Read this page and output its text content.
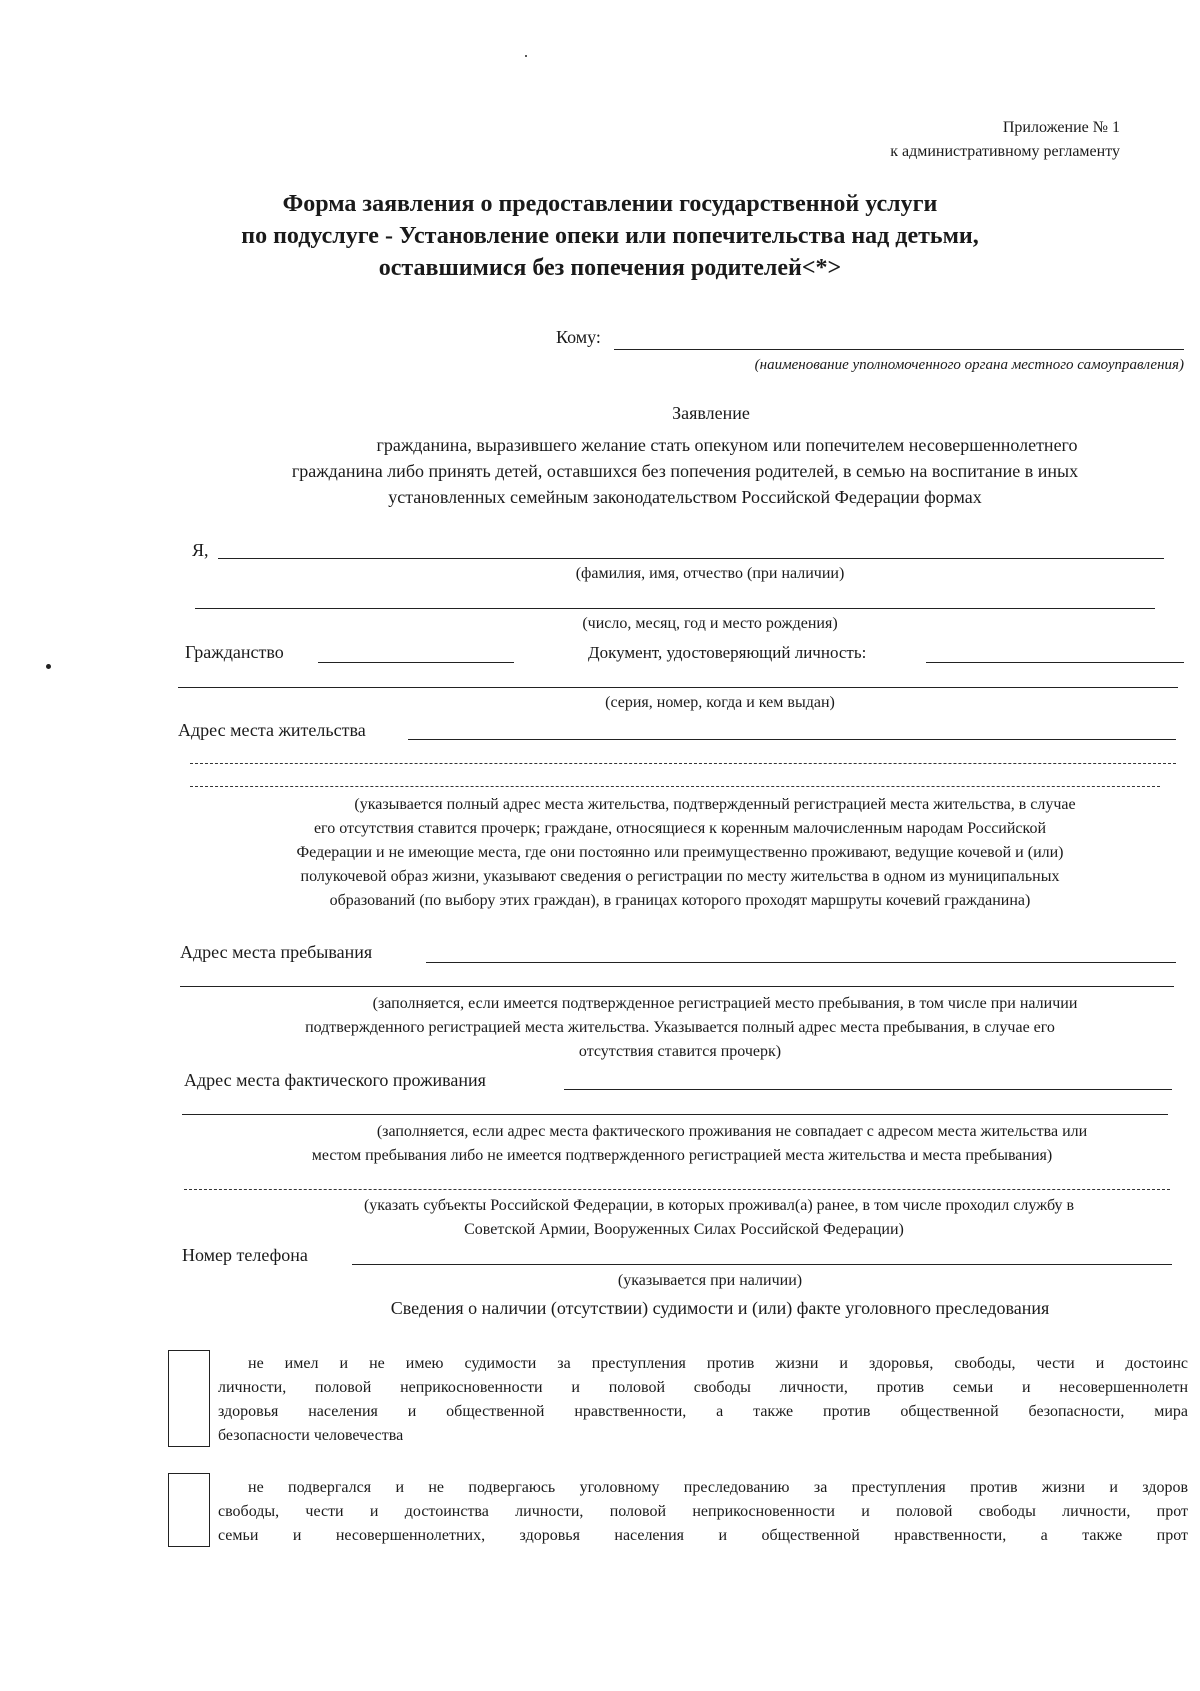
Приложение № 1
к административному регламенту
Форма заявления о предоставлении государственной услуги
по подуслуге - Установление опеки или попечительства над детьми,
оставшимися без попечения родителей<*>
Кому:
(наименование уполномоченного органа местного самоуправления)
Заявление
гражданина, выразившего желание стать опекуном или попечителем несовершеннолетнего
гражданина либо принять детей, оставшихся без попечения родителей, в семью на воспитание в иных
установленных семейным законодательством Российской Федерации формах
Я,
(фамилия, имя, отчество (при наличии)
(число, месяц, год и место рождения)
Гражданство	Документ, удостоверяющий личность:
(серия, номер, когда и кем выдан)
Адрес места жительства
(указывается полный адрес места жительства, подтвержденный регистрацией места жительства, в случае
его отсутствия ставится прочерк; граждане, относящиеся к коренным малочисленным народам Российской
Федерации и не имеющие места, где они постоянно или преимущественно проживают, ведущие кочевой и (или)
полукочевой образ жизни, указывают сведения о регистрации по месту жительства в одном из муниципальных
образований (по выбору этих граждан), в границах которого проходят маршруты кочевий гражданина)
Адрес места пребывания
(заполняется, если имеется подтвержденное регистрацией место пребывания, в том числе при наличии
подтвержденного регистрацией места жительства. Указывается полный адрес места пребывания, в случае его
отсутствия ставится прочерк)
Адрес места фактического проживания
(заполняется, если адрес места фактического проживания не совпадает с адресом места жительства или
местом пребывания либо не имеется подтвержденного регистрацией места жительства и места пребывания)
(указать субъекты Российской Федерации, в которых проживал(а) ранее, в том числе проходил службу в
Советской Армии, Вооруженных Силах Российской Федерации)
Номер телефона
(указывается при наличии)
Сведения о наличии (отсутствии) судимости и (или) факте уголовного преследования
не имел и не имею судимости за преступления против жизни и здоровья, свободы, чести и достоинс
личности, половой неприкосновенности и половой свободы личности, против семьи и несовершеннолетн
здоровья населения и общественной нравственности, а также против общественной безопасности, мира
безопасности человечества
не подвергался и не подвергаюсь уголовному преследованию за преступления против жизни и здоров
свободы, чести и достоинства личности, половой неприкосновенности и половой свободы личности, прот
семьи и несовершеннолетних, здоровья населения и общественной нравственности, а также прот
